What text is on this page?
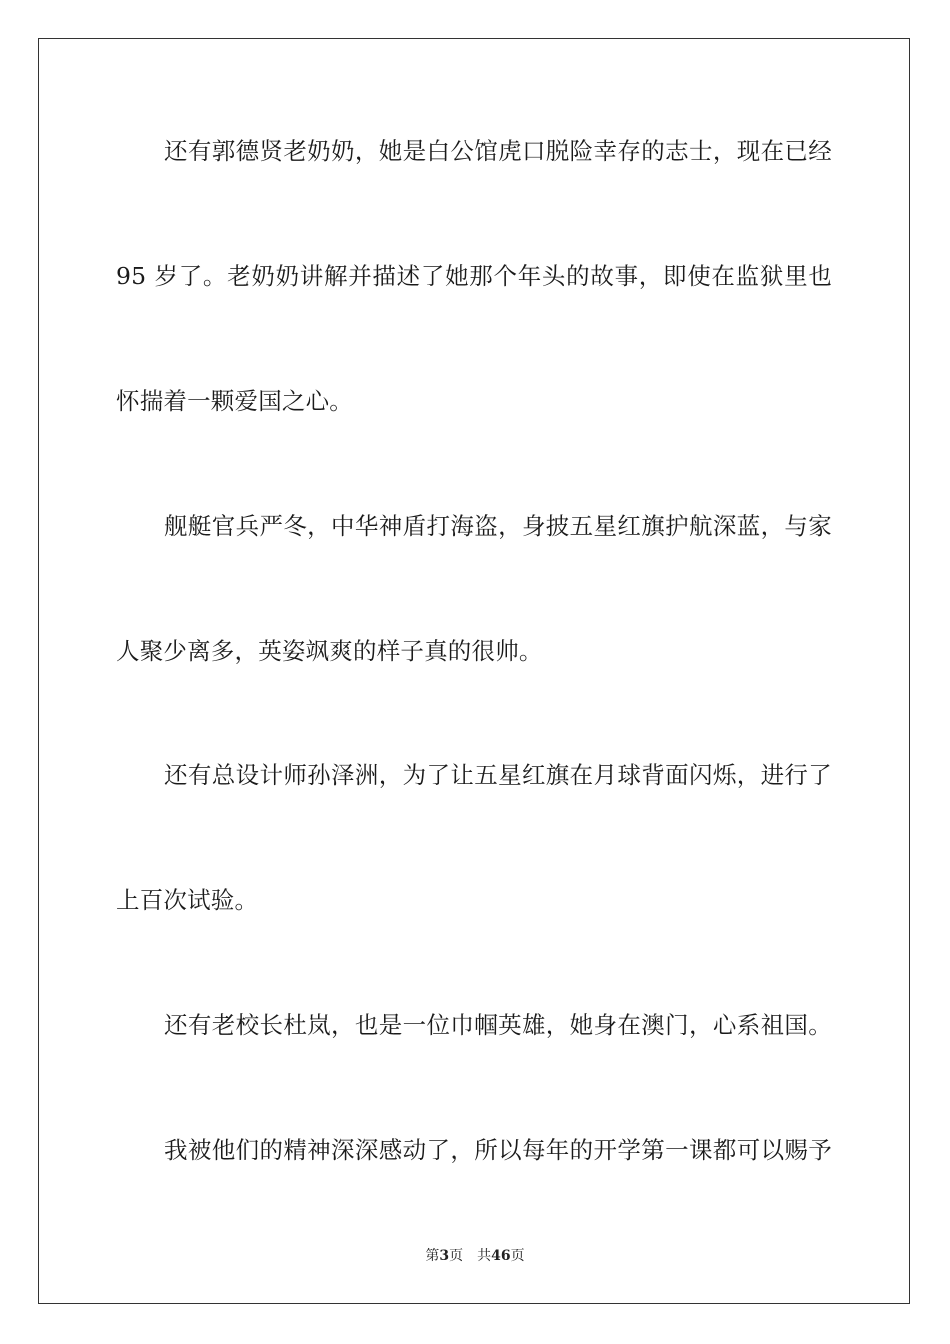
还有郭德贤老奶奶，她是白公馆虎口脱险幸存的志士，现在已经
95 岁了。老奶奶讲解并描述了她那个年头的故事，即使在监狱里也
怀揣着一颗爱国之心。
舰艇官兵严冬，中华神盾打海盗，身披五星红旗护航深蓝，与家
人聚少离多，英姿飒爽的样子真的很帅。
还有总设计师孙泽洲，为了让五星红旗在月球背面闪烁，进行了
上百次试验。
还有老校长杜岚，也是一位巾帼英雄，她身在澳门，心系祖国。
我被他们的精神深深感动了，所以每年的开学第一课都可以赐予
第3页 共46页
